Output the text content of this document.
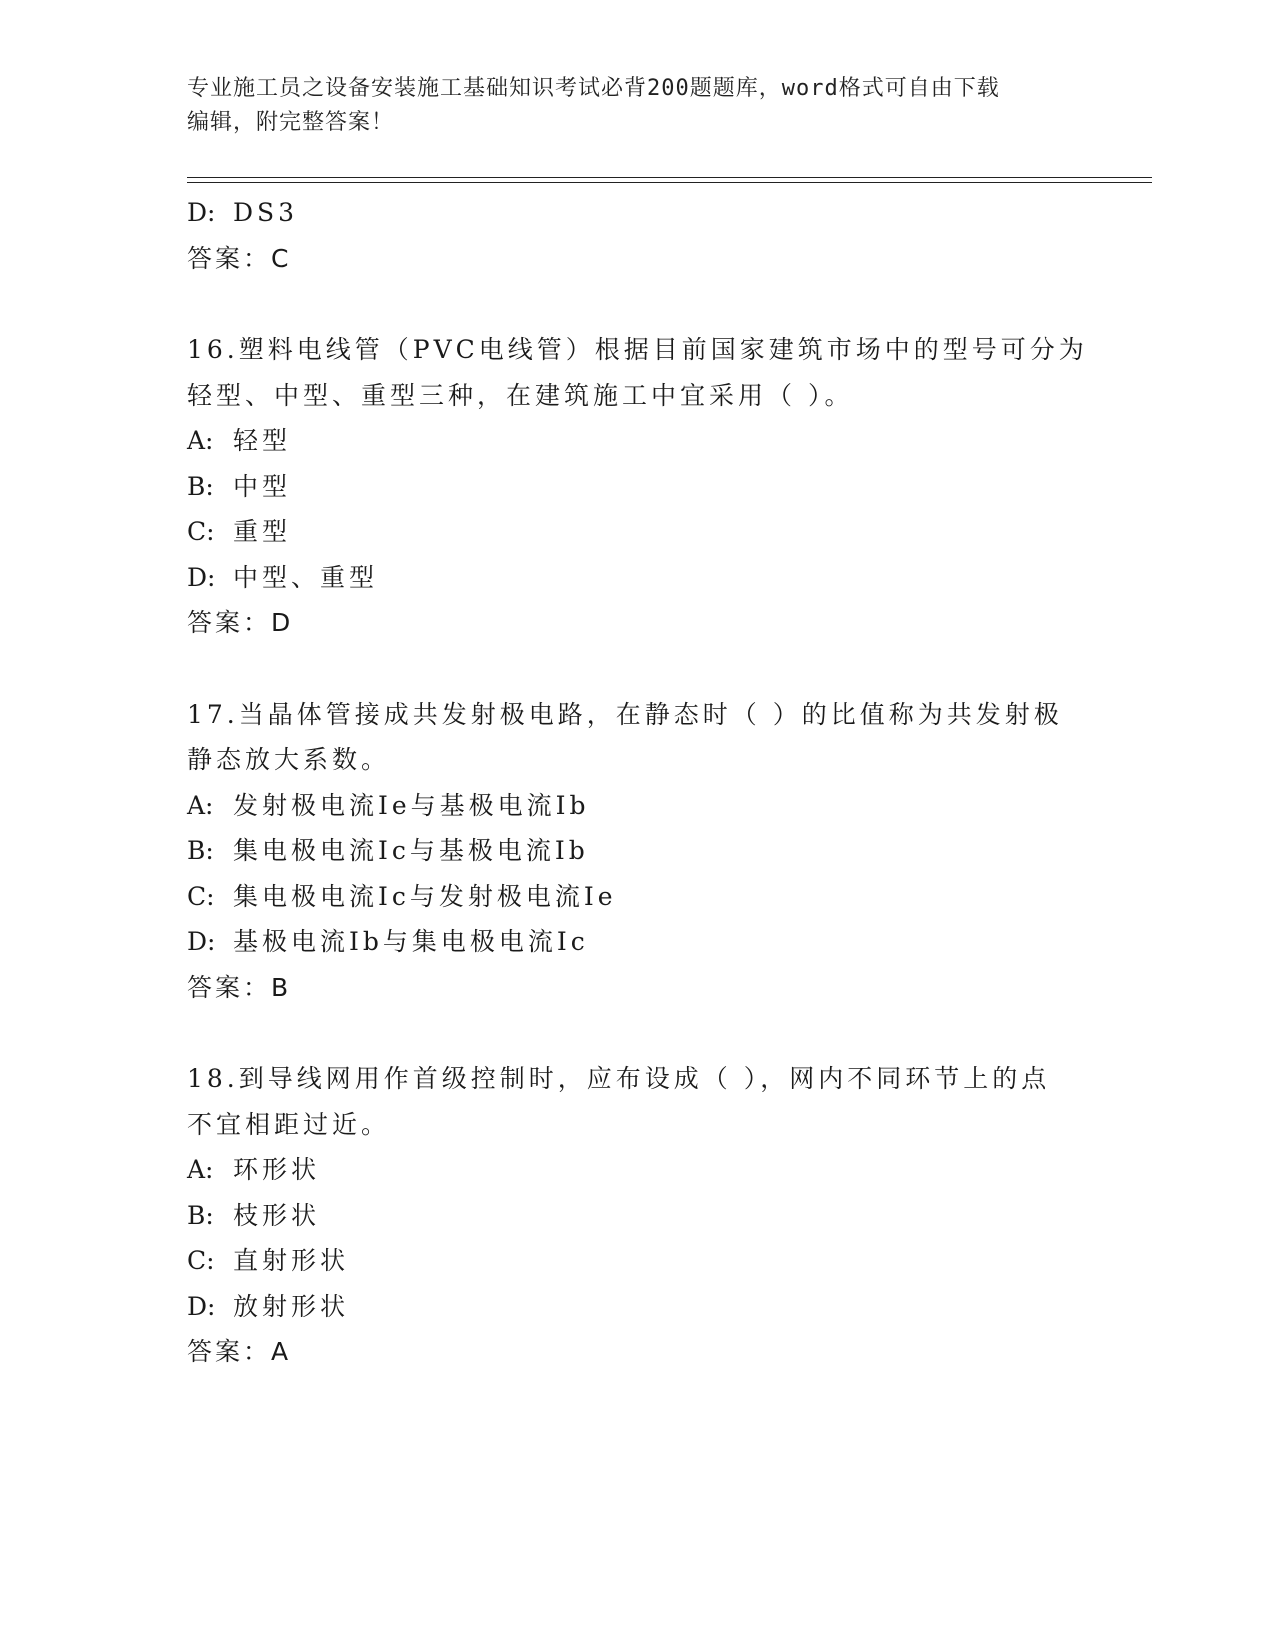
专业施工员之设备安装施工基础知识考试必背200题题库，word格式可自由下载
编辑，附完整答案！
D: DS3
答案：C
16.塑料电线管（PVC电线管）根据目前国家建筑市场中的型号可分为
轻型、中型、重型三种，在建筑施工中宜采用（ ）。
A: 轻型
B: 中型
C: 重型
D: 中型、重型
答案：D
17.当晶体管接成共发射极电路，在静态时（ ）的比值称为共发射极
静态放大系数。
A: 发射极电流Ie与基极电流Ib
B: 集电极电流Ic与基极电流Ib
C: 集电极电流Ic与发射极电流Ie
D: 基极电流Ib与集电极电流Ic
答案：B
18.到导线网用作首级控制时，应布设成（ ），网内不同环节上的点
不宜相距过近。
A: 环形状
B: 枝形状
C: 直射形状
D: 放射形状
答案：A
